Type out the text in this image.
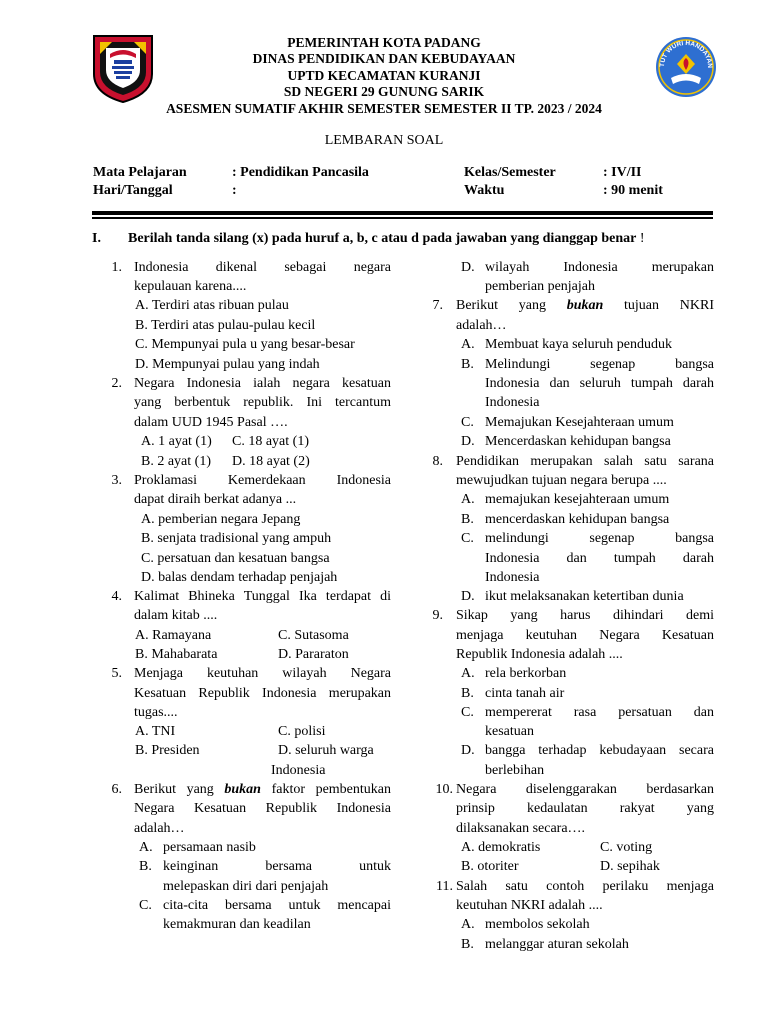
TUT WURI HANDAYAN
PEMERINTAH KOTA PADANG
DINAS PENDIDIKAN DAN KEBUDAYAAN
UPTD KECAMATAN KURANJI
SD NEGERI 29 GUNUNG SARIK
ASESMEN SUMATIF AKHIR SEMESTER SEMESTER II TP. 2023 / 2024
LEMBARAN SOAL
Mata Pelajaran	: Pendidikan Pancasila
Hari/Tanggal	:
Kelas/Semester	: IV/II
Waktu	: 90 menit
I. Berilah tanda silang (x) pada huruf a, b, c atau d pada jawaban yang dianggap benar !
1. Indonesia dikenal sebagai negara
kepulauan karena....
A. Terdiri atas ribuan pulau
B. Terdiri atas pulau-pulau kecil
C. Mempunyai pula u yang besar-besar
D. Mempunyai pulau yang indah
2. Negara Indonesia ialah negara kesatuan
yang berbentuk republik. Ini tercantum
dalam UUD 1945 Pasal ….
A. 1 ayat (1) C. 18 ayat (1)
B. 2 ayat (1) D. 18 ayat (2)
3. Proklamasi Kemerdekaan Indonesia
dapat diraih berkat adanya ...
A. pemberian negara Jepang
B. senjata tradisional yang ampuh
C. persatuan dan kesatuan bangsa
D. balas dendam terhadap penjajah
4. Kalimat Bhineka Tunggal Ika terdapat di
dalam kitab ....
A. Ramayana	C. Sutasoma
B. Mahabarata	D. Pararaton
5. Menjaga keutuhan wilayah Negara
Kesatuan Republik Indonesia merupakan
tugas....
A. TNI	C. polisi
B. Presiden	D. seluruh warga
Indonesia
6. Berikut yang bukan faktor pembentukan
Negara Kesatuan Republik Indonesia
adalah…
A. persamaan nasib
B. keinginan bersama untuk
melepaskan diri dari penjajah
C. cita-cita bersama untuk mencapai
kemakmuran dan keadilan
D. wilayah Indonesia merupakan
pemberian penjajah
7. Berikut yang bukan tujuan NKRI
adalah…
A. Membuat kaya seluruh penduduk
B. Melindungi segenap bangsa
Indonesia dan seluruh tumpah darah
Indonesia
C. Memajukan Kesejahteraan umum
D. Mencerdaskan kehidupan bangsa
8. Pendidikan merupakan salah satu sarana
mewujudkan tujuan negara berupa ....
A. memajukan kesejahteraan umum
B. mencerdaskan kehidupan bangsa
C. melindungi segenap bangsa
Indonesia dan tumpah darah
Indonesia
D. ikut melaksanakan ketertiban dunia
9. Sikap yang harus dihindari demi
menjaga keutuhan Negara Kesatuan
Republik Indonesia adalah ....
A. rela berkorban
B. cinta tanah air
C. mempererat rasa persatuan dan
kesatuan
D. bangga terhadap kebudayaan secara
berlebihan
10. Negara diselenggarakan berdasarkan
prinsip kedaulatan rakyat yang
dilaksanakan secara….
A. demokratis	C. voting
B. otoriter	D. sepihak
11. Salah satu contoh perilaku menjaga
keutuhan NKRI adalah ....
A. membolos sekolah
B. melanggar aturan sekolah
